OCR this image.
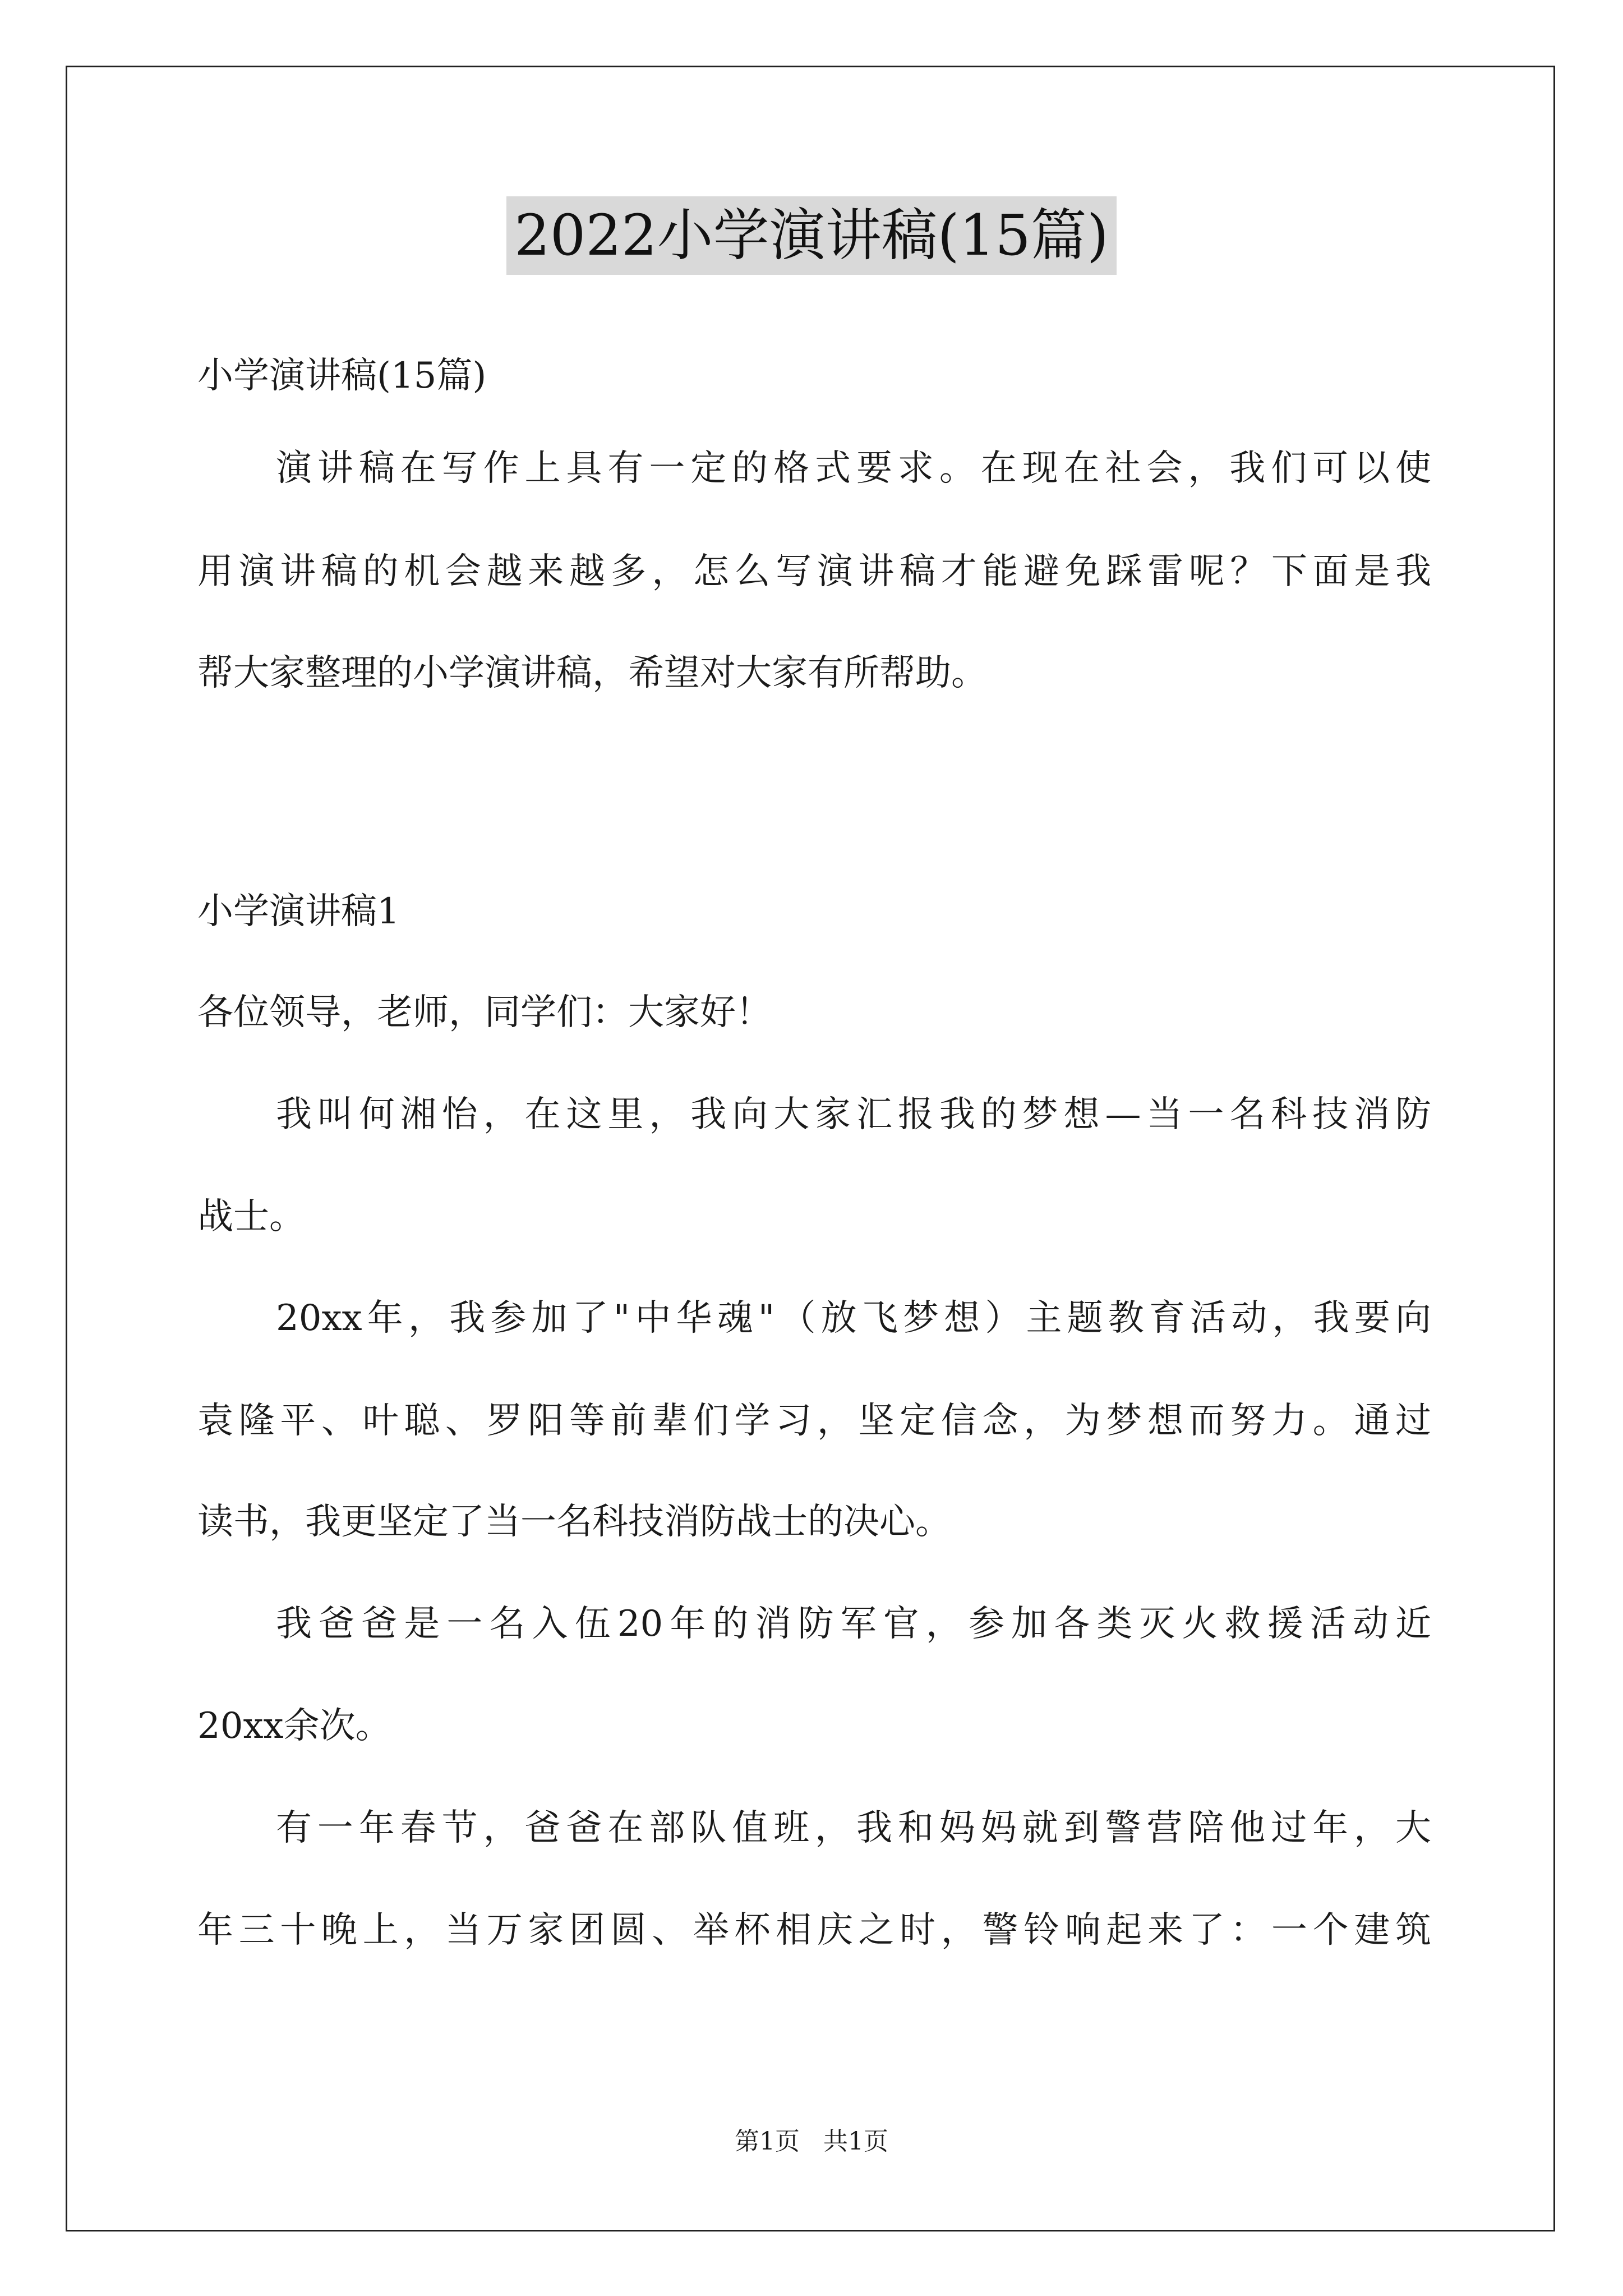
2022小学演讲稿(15篇)
小学演讲稿(15篇)
演讲稿在写作上具有一定的格式要求。在现在社会，我们可以使
用演讲稿的机会越来越多，怎么写演讲稿才能避免踩雷呢？下面是我
帮大家整理的小学演讲稿，希望对大家有所帮助。
小学演讲稿1
各位领导，老师，同学们：大家好！
我叫何湘怡，在这里，我向大家汇报我的梦想—当一名科技消防
战士。
20xx年，我参加了"中华魂"（放飞梦想）主题教育活动，我要向
袁隆平、叶聪、罗阳等前辈们学习，坚定信念，为梦想而努力。通过
读书，我更坚定了当一名科技消防战士的决心。
我爸爸是一名入伍20年的消防军官，参加各类灭火救援活动近
20xx余次。
有一年春节，爸爸在部队值班，我和妈妈就到警营陪他过年，大
年三十晚上，当万家团圆、举杯相庆之时，警铃响起来了：一个建筑
第1页   共1页
